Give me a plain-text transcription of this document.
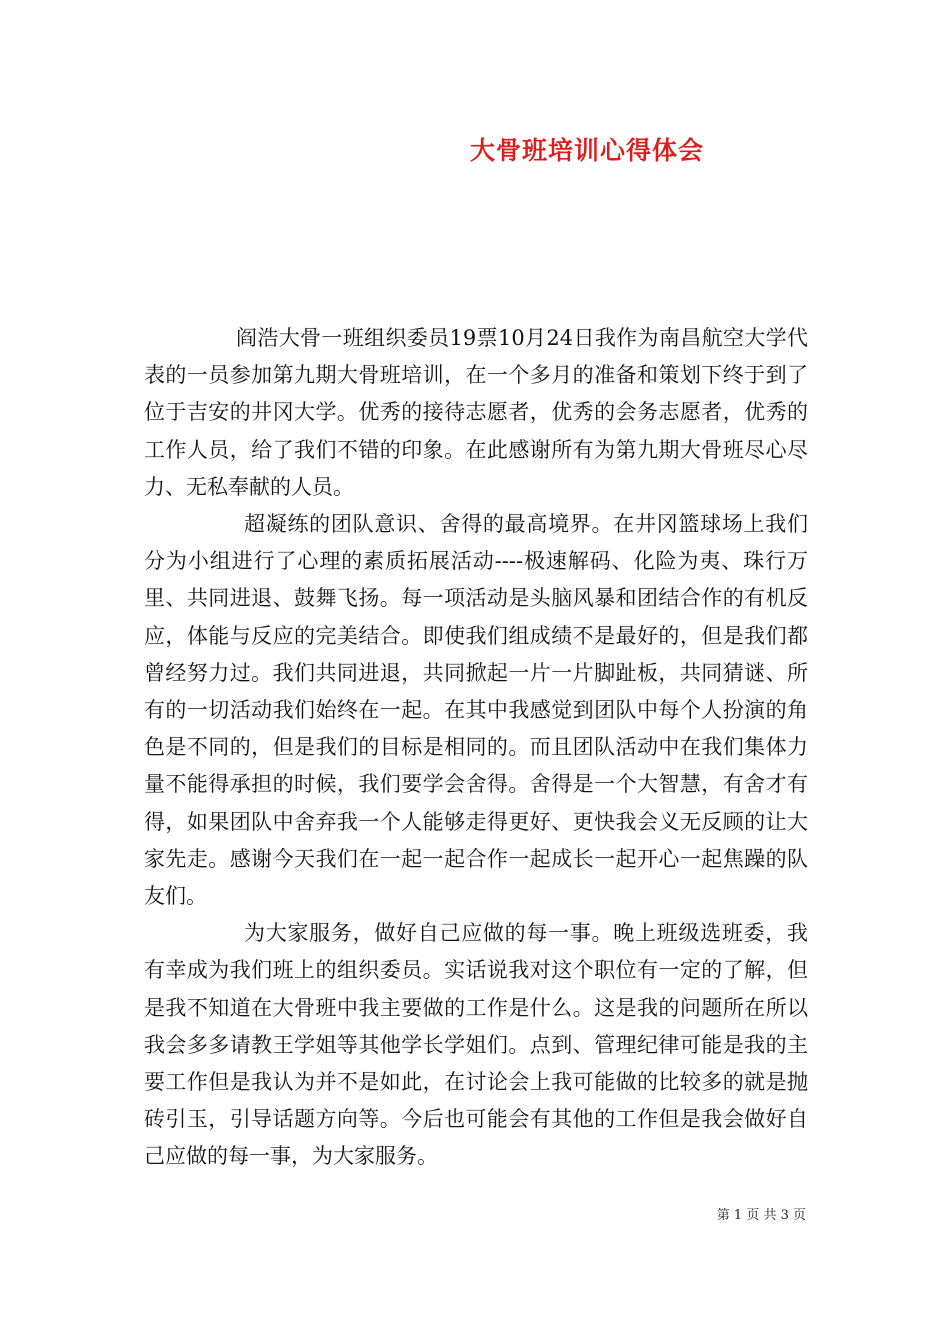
大骨班培训心得体会

阎浩大骨一班组织委员19票10月24日我作为南昌航空大学代表的一员参加第九期大骨班培训，在一个多月的准备和策划下终于到了位于吉安的井冈大学。优秀的接待志愿者，优秀的会务志愿者，优秀的工作人员，给了我们不错的印象。在此感谢所有为第九期大骨班尽心尽力、无私奉献的人员。

超凝练的团队意识、舍得的最高境界。在井冈篮球场上我们分为小组进行了心理的素质拓展活动----极速解码、化险为夷、珠行万里、共同进退、鼓舞飞扬。每一项活动是头脑风暴和团结合作的有机反应，体能与反应的完美结合。即使我们组成绩不是最好的，但是我们都曾经努力过。我们共同进退，共同掀起一片一片脚趾板，共同猜谜、所有的一切活动我们始终在一起。在其中我感觉到团队中每个人扮演的角色是不同的，但是我们的目标是相同的。而且团队活动中在我们集体力量不能得承担的时候，我们要学会舍得。舍得是一个大智慧，有舍才有得，如果团队中舍弃我一个人能够走得更好、更快我会义无反顾的让大家先走。感谢今天我们在一起一起合作一起成长一起开心一起焦躁的队友们。

为大家服务，做好自己应做的每一事。晚上班级选班委，我有幸成为我们班上的组织委员。实话说我对这个职位有一定的了解，但是我不知道在大骨班中我主要做的工作是什么。这是我的问题所在所以我会多多请教王学姐等其他学长学姐们。点到、管理纪律可能是我的主要工作但是我认为并不是如此，在讨论会上我可能做的比较多的就是抛砖引玉，引导话题方向等。今后也可能会有其他的工作但是我会做好自己应做的每一事，为大家服务。

第 1 页 共 3 页
